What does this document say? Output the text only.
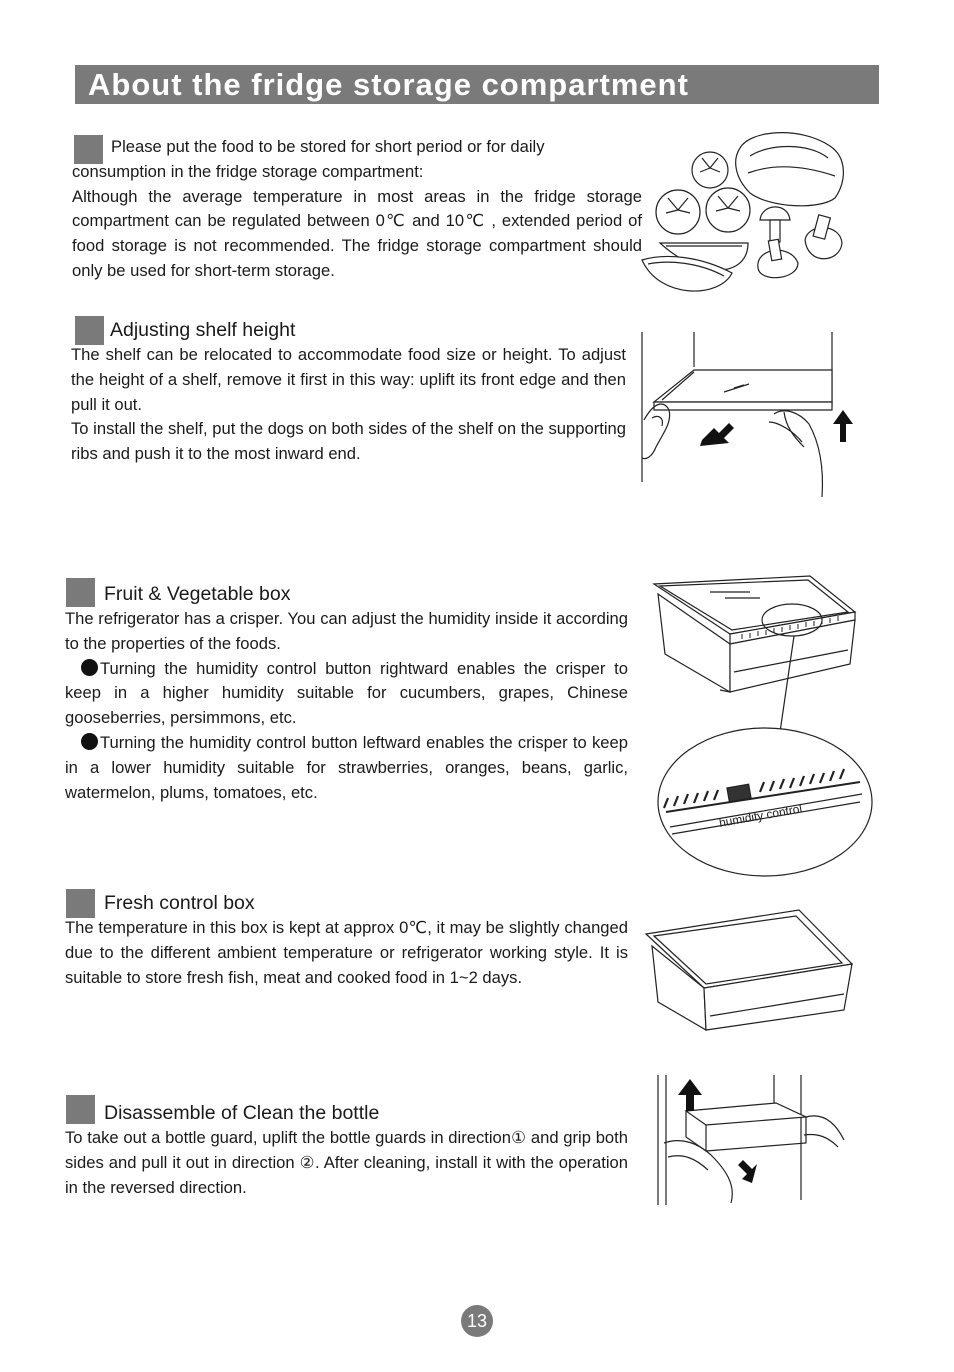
About the fridge storage compartment

Please put the food to be stored for short period or for daily consumption in the fridge storage compartment:

Although the average temperature in most areas in the fridge storage compartment can be regulated between 0℃ and 10℃ , extended period of food storage is not recommended. The fridge storage compartment should only be used for short-term storage.

Adjusting shelf height

The shelf can be relocated to accommodate food size or height. To adjust the height of a shelf, remove it first in this way: uplift its front edge and then pull it out.

To install the shelf, put the dogs on both sides of the shelf on the supporting ribs and push it to the most inward end.

Fruit & Vegetable box

The refrigerator has a crisper. You can adjust the humidity inside it according to the properties of the foods.

Turning the humidity control button rightward enables the crisper to keep in a higher humidity suitable for cucumbers, grapes, Chinese gooseberries, persimmons, etc.

Turning the humidity control button leftward enables the crisper to keep in a lower humidity suitable for strawberries, oranges, beans, garlic, watermelon, plums, tomatoes, etc.

humidity control
Fresh control box

The temperature in this box is kept at approx 0℃, it may be slightly changed due to the different ambient temperature or refrigerator working style. It is suitable to store fresh fish, meat and cooked food in 1~2 days.

Disassemble of Clean the bottle

To take out a bottle guard, uplift the bottle guards in direction① and grip both sides and pull it out in direction ②. After cleaning, install it with the operation in the reversed direction.

13
